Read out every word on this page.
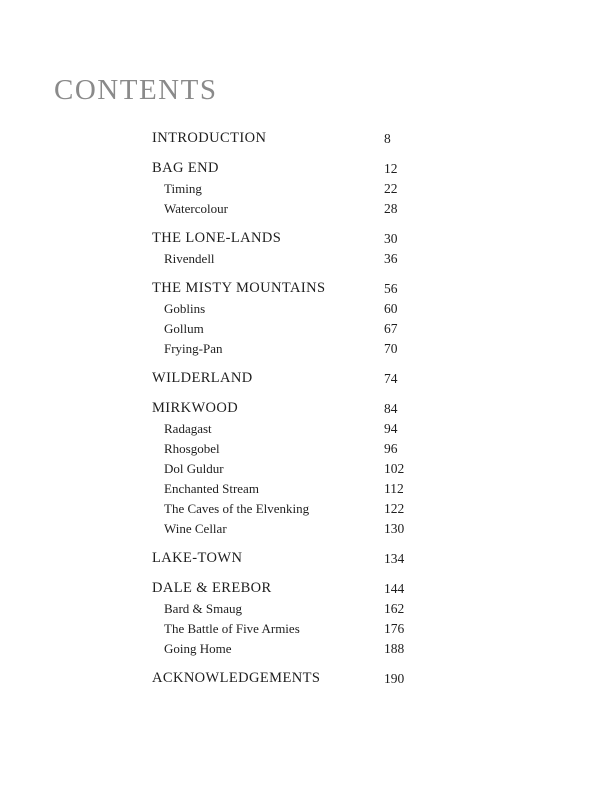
CONTENTS
INTRODUCTION	8
BAG END	12
Timing	22
Watercolour	28
THE LONE-LANDS	30
Rivendell	36
THE MISTY MOUNTAINS	56
Goblins	60
Gollum	67
Frying-Pan	70
WILDERLAND	74
MIRKWOOD	84
Radagast	94
Rhosgobel	96
Dol Guldur	102
Enchanted Stream	112
The Caves of the Elvenking	122
Wine Cellar	130
LAKE-TOWN	134
DALE & EREBOR	144
Bard & Smaug	162
The Battle of Five Armies	176
Going Home	188
ACKNOWLEDGEMENTS	190
